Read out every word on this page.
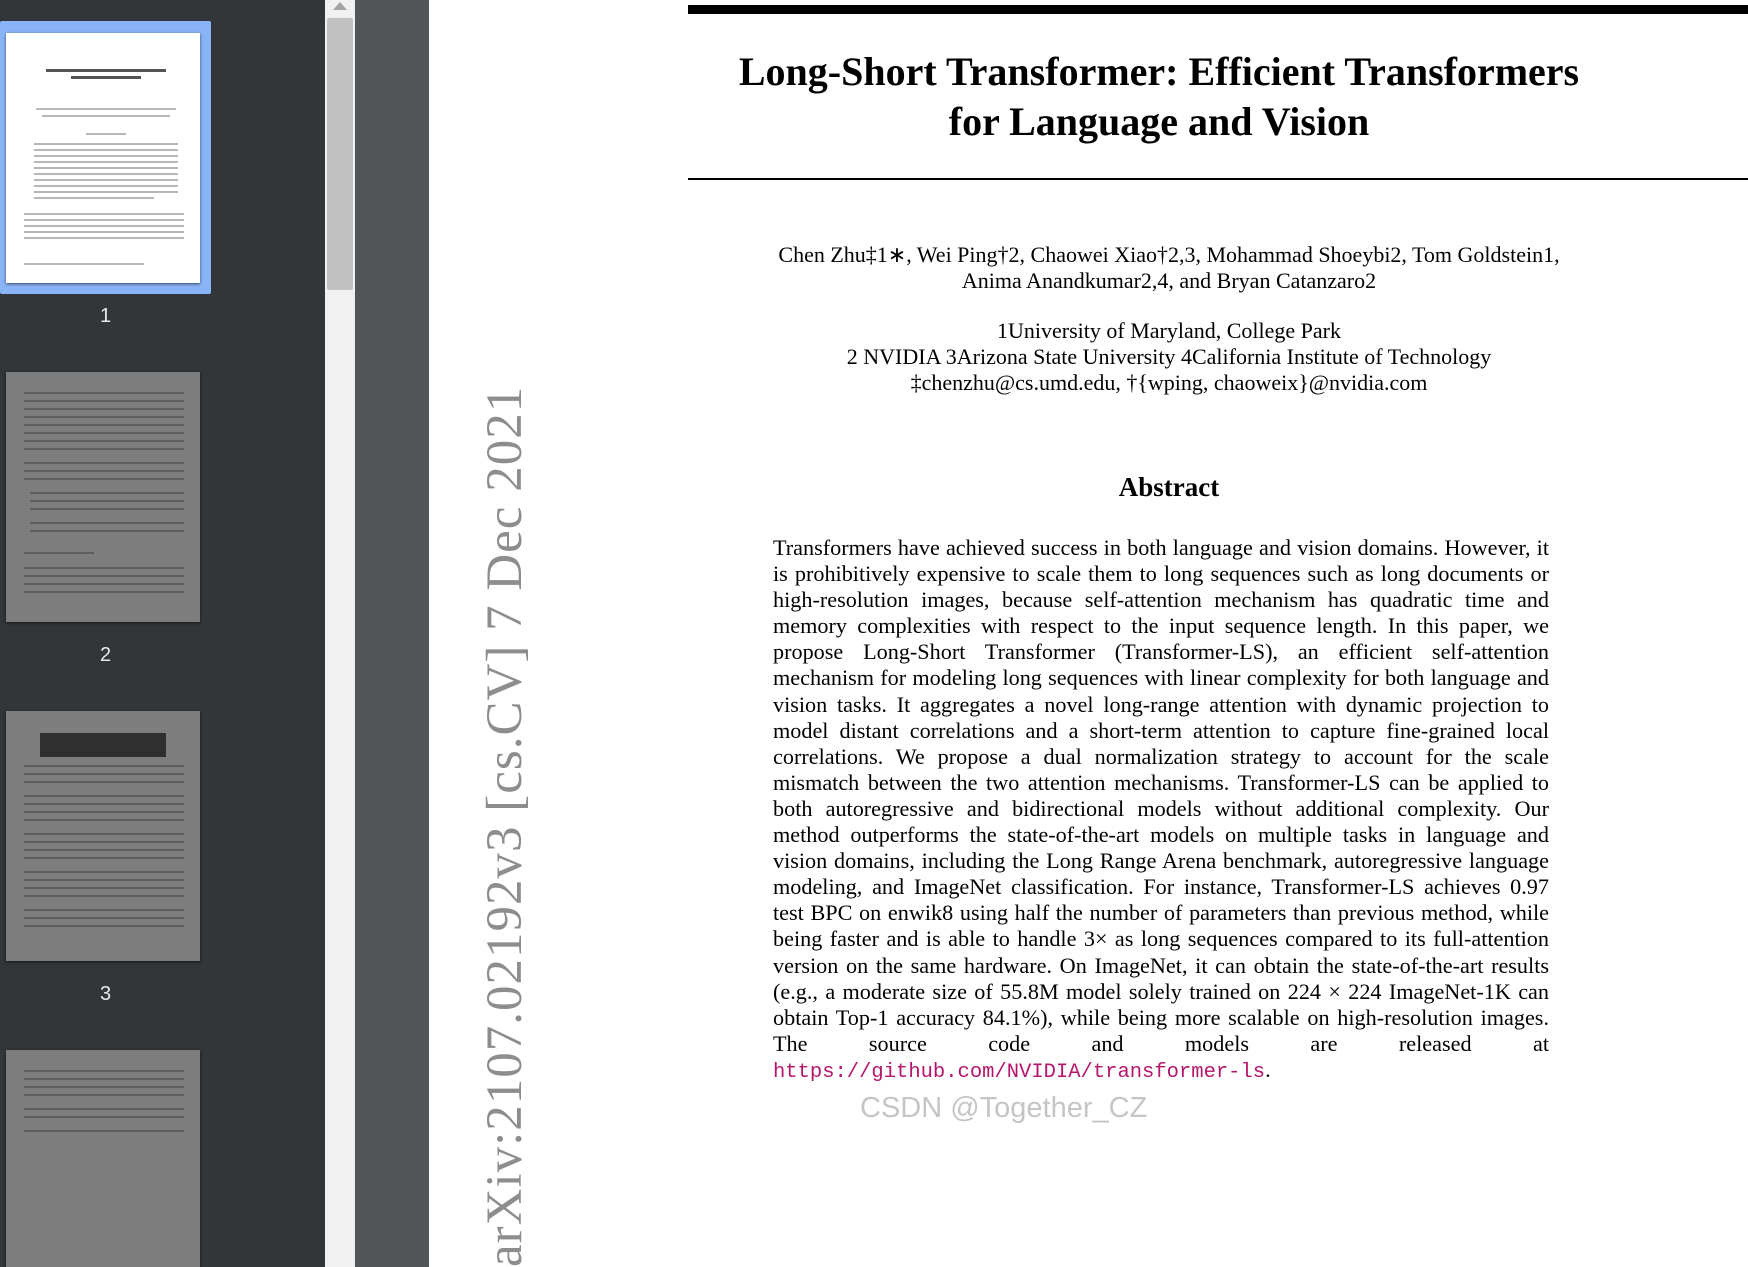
1
2
3	arXiv:2107.02192v3 [cs.CV] 7 Dec 2021
Long-Short Transformer: Efficient Transformers
for Language and Vision
Chen Zhu‡1∗, Wei Ping†2, Chaowei Xiao†2,3, Mohammad Shoeybi2, Tom Goldstein1,
Anima Anandkumar2,4, and Bryan Catanzaro2
1University of Maryland, College Park
2 NVIDIA 3Arizona State University 4California Institute of Technology
‡chenzhu@cs.umd.edu, †{wping, chaoweix}@nvidia.com
Abstract
Transformers have achieved success in both language and vision domains. However, it is prohibitively expensive to scale them to long sequences such as long documents or high-resolution images, because self-attention mechanism has quadratic time and memory complexities with respect to the input sequence length. In this paper, we propose Long-Short Transformer (Transformer-LS), an efficient self-attention mechanism for modeling long sequences with linear complexity for both language and vision tasks. It aggregates a novel long-range attention with dynamic projection to model distant correlations and a short-term attention to capture fine-grained local correlations. We propose a dual normalization strategy to account for the scale mismatch between the two attention mechanisms. Transformer-LS can be applied to both autoregressive and bidirectional models without additional complexity. Our method outperforms the state-of-the-art models on multiple tasks in language and vision domains, including the Long Range Arena benchmark, autoregressive language modeling, and ImageNet classification. For instance, Transformer-LS achieves 0.97 test BPC on enwik8 using half the number of parameters than previous method, while being faster and is able to handle 3× as long sequences compared to its full-attention version on the same hardware. On ImageNet, it can obtain the state-of-the-art results (e.g., a moderate size of 55.8M model solely trained on 224 × 224 ImageNet-1K can obtain Top-1 accuracy 84.1%), while being more scalable on high-resolution images. The source code and models are released at https://github.com/NVIDIA/transformer-ls.
CSDN @Together_CZ
